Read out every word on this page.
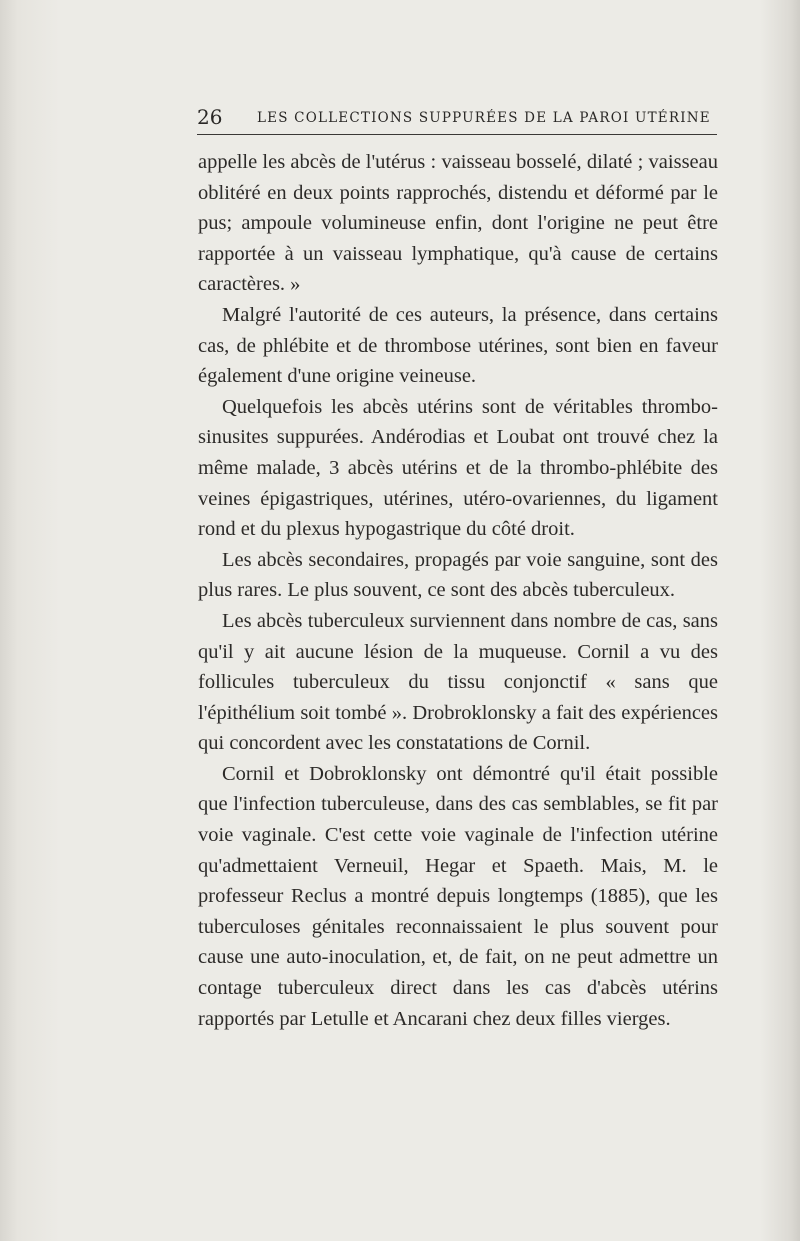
26	LES COLLECTIONS SUPPURÉES DE LA PAROI UTÉRINE

appelle les abcès de l'utérus : vaisseau bosselé, dilaté ; vaisseau oblitéré en deux points rapprochés, distendu et déformé par le pus; ampoule volumineuse enfin, dont l'origine ne peut être rapportée à un vaisseau lymphatique, qu'à cause de certains caractères. »

Malgré l'autorité de ces auteurs, la présence, dans certains cas, de phlébite et de thrombose utérines, sont bien en faveur également d'une origine veineuse.

Quelquefois les abcès utérins sont de véritables thrombo-sinusites suppurées. Andérodias et Loubat ont trouvé chez la même malade, 3 abcès utérins et de la thrombo-phlébite des veines épigastriques, utérines, utéro-ovariennes, du ligament rond et du plexus hypogastrique du côté droit.

Les abcès secondaires, propagés par voie sanguine, sont des plus rares. Le plus souvent, ce sont des abcès tuberculeux.

Les abcès tuberculeux surviennent dans nombre de cas, sans qu'il y ait aucune lésion de la muqueuse. Cornil a vu des follicules tuberculeux du tissu conjonctif « sans que l'épithélium soit tombé ». Drobroklonsky a fait des expériences qui concordent avec les constatations de Cornil.

Cornil et Dobroklonsky ont démontré qu'il était possible que l'infection tuberculeuse, dans des cas semblables, se fit par voie vaginale. C'est cette voie vaginale de l'infection utérine qu'admettaient Verneuil, Hegar et Spaeth. Mais, M. le professeur Reclus a montré depuis longtemps (1885), que les tuberculoses génitales reconnaissaient le plus souvent pour cause une auto-inoculation, et, de fait, on ne peut admettre un contage tuberculeux direct dans les cas d'abcès utérins rapportés par Letulle et Ancarani chez deux filles vierges.
